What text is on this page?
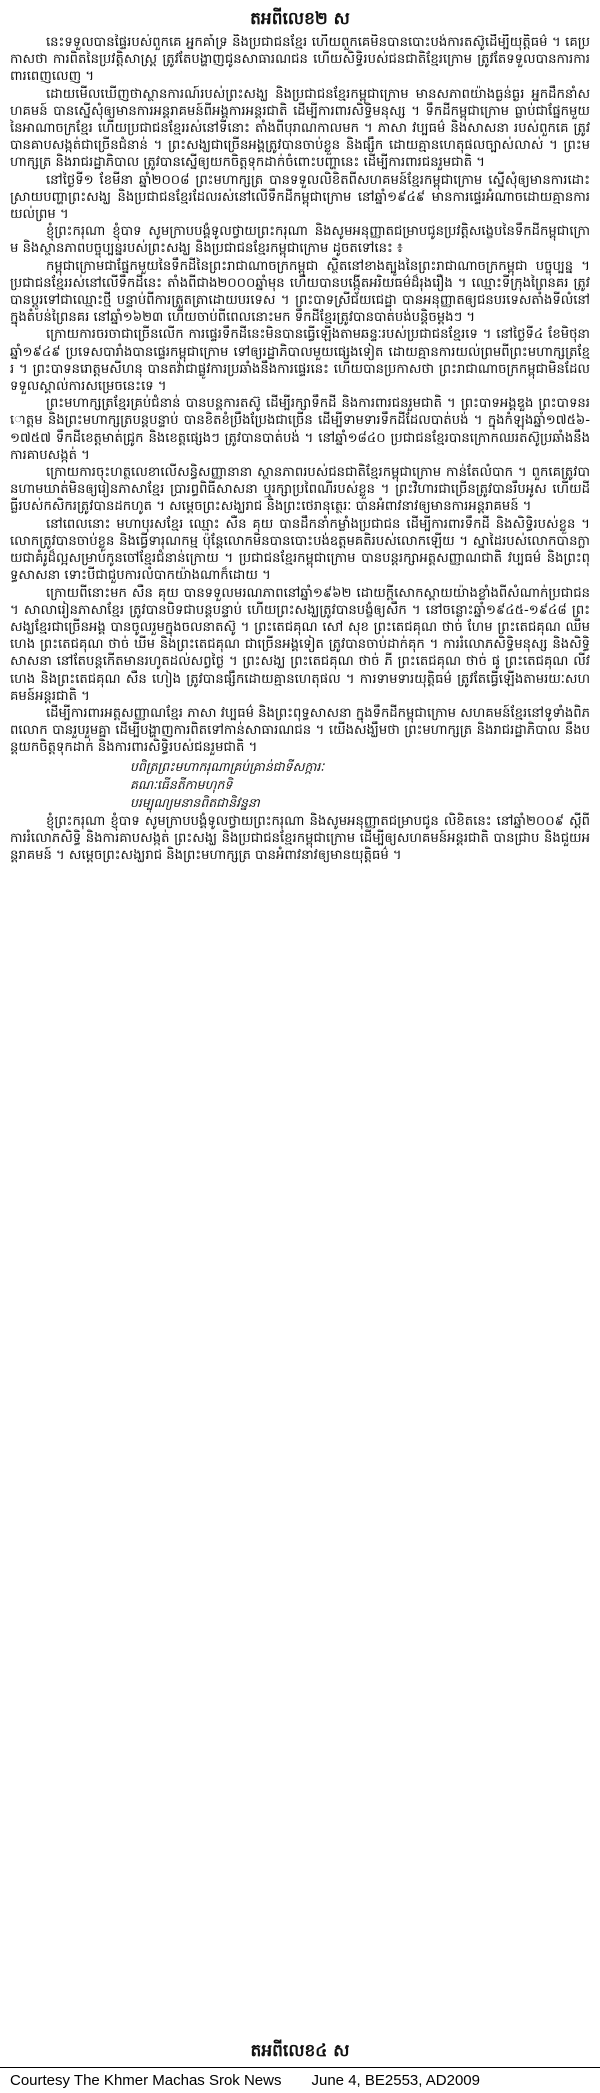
តអពីលេខ២ ស

នេះទទួលបានផ្ទៃរបស់ពួកគេ អ្នកគាំទ្រ និងប្រជាជនខ្មែរ ហើយពួកគេមិនបានបោះបង់ការតស៊ូដើម្បីយុត្តិធម៌ ។ គេប្រកាសថា ការពិតនៃប្រវត្តិសាស្ត្រ ត្រូវតែបង្ហាញជូនសាធារណជន ហើយសិទ្ធិរបស់ជនជាតិខ្មែរក្រោម ត្រូវតែទទួលបានការការពារពេញលេញ ។

ដោយមើលឃើញថាស្ថានការណ៍របស់ព្រះសង្ឃ និងប្រជាជនខ្មែរកម្ពុជាក្រោម មានសភាពយ៉ាងធ្ងន់ធ្ងរ អ្នកដឹកនាំសហគមន៍ បានស្នើសុំឲ្យមានការអន្តរាគមន៍ពីអង្គការអន្តរជាតិ ដើម្បីការពារសិទ្ធិមនុស្ស ។ ទឹកដីកម្ពុជាក្រោម ធ្លាប់ជាផ្នែកមួយនៃអាណាចក្រខ្មែរ ហើយប្រជាជនខ្មែររស់នៅទីនោះ តាំងពីបុរាណកាលមក ។ ភាសា វប្បធម៌ និងសាសនា របស់ពួកគេ ត្រូវបានគាបសង្កត់ជាច្រើនជំនាន់ ។ ព្រះសង្ឃជាច្រើនអង្គត្រូវបានចាប់ខ្លួន និងផ្សឹក ដោយគ្មានហេតុផលច្បាស់លាស់ ។ ព្រះមហាក្សត្រ និងរាជរដ្ឋាភិបាល ត្រូវបានស្នើឲ្យយកចិត្តទុកដាក់ចំពោះបញ្ហានេះ ដើម្បីការពារជនរួមជាតិ ។

នៅថ្ងៃទី១ ខែមីនា ឆ្នាំ២០០៨ ព្រះមហាក្សត្រ បានទទួលលិខិតពីសហគមន៍ខ្មែរកម្ពុជាក្រោម ស្នើសុំឲ្យមានការដោះស្រាយបញ្ហាព្រះសង្ឃ និងប្រជាជនខ្មែរដែលរស់នៅលើទឹកដីកម្ពុជាក្រោម នៅឆ្នាំ១៩៤៩ មានការផ្ទេរអំណាចដោយគ្មានការយល់ព្រម ។

ខ្ញុំព្រះករុណា ខ្ញុំបាទ សូមក្រាបបង្គំទូលថ្វាយព្រះករុណា និងសូមអនុញ្ញាតជម្រាបជូនប្រវត្តិសង្ខេបនៃទឹកដីកម្ពុជាក្រោម និងស្ថានភាពបច្ចុប្បន្នរបស់ព្រះសង្ឃ និងប្រជាជនខ្មែរកម្ពុជាក្រោម ដូចតទៅនេះ ៖

កម្ពុជាក្រោមជាផ្នែកមួយនៃទឹកដីនៃព្រះរាជាណាចក្រកម្ពុជា ស្ថិតនៅខាងត្បូងនៃព្រះរាជាណាចក្រកម្ពុជា បច្ចុប្បន្ន ។ ប្រជាជនខ្មែររស់នៅលើទឹកដីនេះ តាំងពីជាង២០០០ឆ្នាំមុន ហើយបានបង្កើតអរិយធម៌ដ៏រុងរឿង ។ ឈ្មោះទីក្រុងព្រៃនគរ ត្រូវបានប្តូរទៅជាឈ្មោះថ្មី បន្ទាប់ពីការត្រួតត្រាដោយបរទេស ។ ព្រះបាទស្រីជ័យជេដ្ឋា បានអនុញ្ញាតឲ្យជនបរទេសតាំងទីលំនៅ ក្នុងតំបន់ព្រៃនគរ នៅឆ្នាំ១៦២៣ ហើយចាប់ពីពេលនោះមក ទឹកដីខ្មែរត្រូវបានបាត់បង់បន្តិចម្តងៗ ។

ក្រោយការចរចាជាច្រើនលើក ការផ្ទេរទឹកដីនេះមិនបានធ្វើឡើងតាមឆន្ទៈរបស់ប្រជាជនខ្មែរទេ ។ នៅថ្ងៃទី៤ ខែមិថុនា ឆ្នាំ១៩៤៩ ប្រទេសបារាំងបានផ្ទេរកម្ពុជាក្រោម ទៅឲ្យរដ្ឋាភិបាលមួយផ្សេងទៀត ដោយគ្មានការយល់ព្រមពីព្រះមហាក្សត្រខ្មែរ ។ ព្រះបាទនរោត្តមសីហនុ បានតវ៉ាជាផ្លូវការប្រឆាំងនឹងការផ្ទេរនេះ ហើយបានប្រកាសថា ព្រះរាជាណាចក្រកម្ពុជាមិនដែលទទួលស្គាល់ការសម្រេចនេះទេ ។

ព្រះមហាក្សត្រខ្មែរគ្រប់ជំនាន់ បានបន្តការតស៊ូ ដើម្បីរក្សាទឹកដី និងការពារជនរួមជាតិ ។ ព្រះបាទអង្គឌួង ព្រះបាទនរោត្តម និងព្រះមហាក្សត្របន្តបន្ទាប់ បានខិតខំប្រឹងប្រែងជាច្រើន ដើម្បីទាមទារទឹកដីដែលបាត់បង់ ។ ក្នុងកំឡុងឆ្នាំ១៧៥៦-១៧៥៧ ទឹកដីខេត្តមាត់ជ្រូក និងខេត្តផ្សេងៗ ត្រូវបានបាត់បង់ ។ នៅឆ្នាំ១៨៤០ ប្រជាជនខ្មែរបានក្រោកឈរតស៊ូប្រឆាំងនឹងការគាបសង្កត់ ។

ក្រោយការចុះហត្ថលេខាលើសន្ធិសញ្ញានានា ស្ថានភាពរបស់ជនជាតិខ្មែរកម្ពុជាក្រោម កាន់តែលំបាក ។ ពួកគេត្រូវបានហាមឃាត់មិនឲ្យរៀនភាសាខ្មែរ ប្រារព្ធពិធីសាសនា ឬរក្សាប្រពៃណីរបស់ខ្លួន ។ ព្រះវិហារជាច្រើនត្រូវបានរឹបអូស ហើយដីធ្លីរបស់កសិករត្រូវបានដកហូត ។ សម្តេចព្រះសង្ឃរាជ និងព្រះថេរានុត្ថេរៈ បានអំពាវនាវឲ្យមានការអន្តរាគមន៍ ។

នៅពេលនោះ មហាបុរសខ្មែរ ឈ្មោះ សឺន គុយ បានដឹកនាំកម្លាំងប្រជាជន ដើម្បីការពារទឹកដី និងសិទ្ធិរបស់ខ្លួន ។ លោកត្រូវបានចាប់ខ្លួន និងធ្វើទារុណកម្ម ប៉ុន្តែលោកមិនបានបោះបង់ឧត្តមគតិរបស់លោកឡើយ ។ ស្នាដៃរបស់លោកបានក្លាយជាគំរូដ៏ល្អសម្រាប់កូនចៅខ្មែរជំនាន់ក្រោយ ។ ប្រជាជនខ្មែរកម្ពុជាក្រោម បានបន្តរក្សាអត្តសញ្ញាណជាតិ វប្បធម៌ និងព្រះពុទ្ធសាសនា ទោះបីជាជួបការលំបាកយ៉ាងណាក៏ដោយ ។

ក្រោយពីនោះមក សឺន គុយ បានទទួលមរណភាពនៅឆ្នាំ១៩៦២ ដោយក្តីសោកស្តាយយ៉ាងខ្លាំងពីសំណាក់ប្រជាជន ។ សាលារៀនភាសាខ្មែរ ត្រូវបានបិទជាបន្តបន្ទាប់ ហើយព្រះសង្ឃត្រូវបានបង្ខំឲ្យសឹក ។ នៅចន្លោះឆ្នាំ១៩៤៥-១៩៤៨ ព្រះសង្ឃខ្មែរជាច្រើនអង្គ បានចូលរួមក្នុងចលនាតស៊ូ ។ ព្រះតេជគុណ សៅ សុខ ព្រះតេជគុណ ថាច់ ហែម ព្រះតេជគុណ ឈឹម ហេង ព្រះតេជគុណ ថាច់ ឃីម និងព្រះតេជគុណ ជាច្រើនអង្គទៀត ត្រូវបានចាប់ដាក់គុក ។ ការរំលោភសិទ្ធិមនុស្ស និងសិទ្ធិសាសនា នៅតែបន្តកើតមានរហូតដល់សព្វថ្ងៃ ។ ព្រះសង្ឃ ព្រះតេជគុណ ថាច់ ភី ព្រះតេជគុណ ថាច់ ផូ ព្រះតេជគុណ លីវ ហេង និងព្រះតេជគុណ សឺន ហៀង ត្រូវបានផ្សឹកដោយគ្មានហេតុផល ។ ការទាមទារយុត្តិធម៌ ត្រូវតែធ្វើឡើងតាមរយៈសហគមន៍អន្តរជាតិ ។

ដើម្បីការពារអត្តសញ្ញាណខ្មែរ ភាសា វប្បធម៌ និងព្រះពុទ្ធសាសនា ក្នុងទឹកដីកម្ពុជាក្រោម សហគមន៍ខ្មែរនៅទូទាំងពិភពលោក បានរួបរួមគ្នា ដើម្បីបង្ហាញការពិតទៅកាន់សាធារណជន ។ យើងសង្ឃឹមថា ព្រះមហាក្សត្រ និងរាជរដ្ឋាភិបាល នឹងបន្តយកចិត្តទុកដាក់ និងការពារសិទ្ធិរបស់ជនរួមជាតិ ។

បពិត្រព្រះមហាករុណាគ្រប់គ្រាន់ជាទីសក្ការៈ

គណៈធើនតីកាមហុកទិ

បរម្បុណ្យមនានពិតជានិវន្ននា

ខ្ញុំព្រះករុណា ខ្ញុំបាទ សូមក្រាបបង្គំទូលថ្វាយព្រះករុណា និងសូមអនុញ្ញាតជម្រាបជូន លិខិតនេះ នៅឆ្នាំ២០០៩ ស្តីពីការរំលោភសិទ្ធិ និងការគាបសង្កត់ ព្រះសង្ឃ និងប្រជាជនខ្មែរកម្ពុជាក្រោម ដើម្បីឲ្យសហគមន៍អន្តរជាតិ បានជ្រាប និងជួយអន្តរាគមន៍ ។ សម្តេចព្រះសង្ឃរាជ និងព្រះមហាក្សត្រ បានអំពាវនាវឲ្យមានយុត្តិធម៌ ។

តអពីលេខ៤ ស
Courtesy The Khmer Machas Srok News June 4, BE2553, AD2009
